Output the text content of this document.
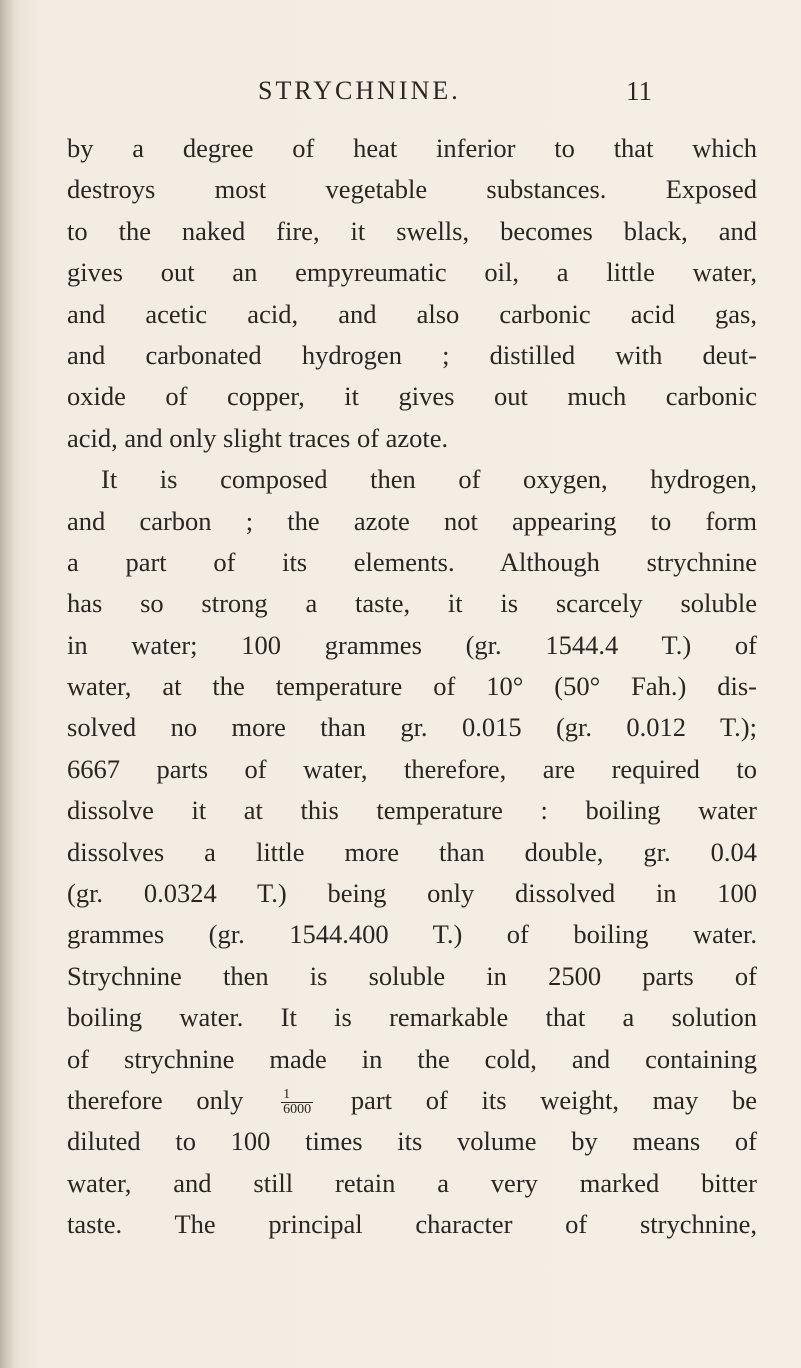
STRYCHNINE.	11
by a degree of heat inferior to that which
destroys most vegetable substances. Exposed
to the naked fire, it swells, becomes black, and
gives out an empyreumatic oil, a little water,
and acetic acid, and also carbonic acid gas,
and carbonated hydrogen ; distilled with deut-
oxide of copper, it gives out much carbonic
acid, and only slight traces of azote.
It is composed then of oxygen, hydrogen,
and carbon ; the azote not appearing to form
a part of its elements. Although strychnine
has so strong a taste, it is scarcely soluble
in water; 100 grammes (gr. 1544.4 T.) of
water, at the temperature of 10° (50° Fah.) dis-
solved no more than gr. 0.015 (gr. 0.012 T.);
6667 parts of water, therefore, are required to
dissolve it at this temperature : boiling water
dissolves a little more than double, gr. 0.04
(gr. 0.0324 T.) being only dissolved in 100
grammes (gr. 1544.400 T.) of boiling water.
Strychnine then is soluble in 2500 parts of
boiling water. It is remarkable that a solution
of strychnine made in the cold, and containing
therefore only	$\frac{1}{6000}$ part of its weight, may be
diluted to 100 times its volume by means of
water, and still retain a very marked bitter
taste. The principal character of strychnine,
